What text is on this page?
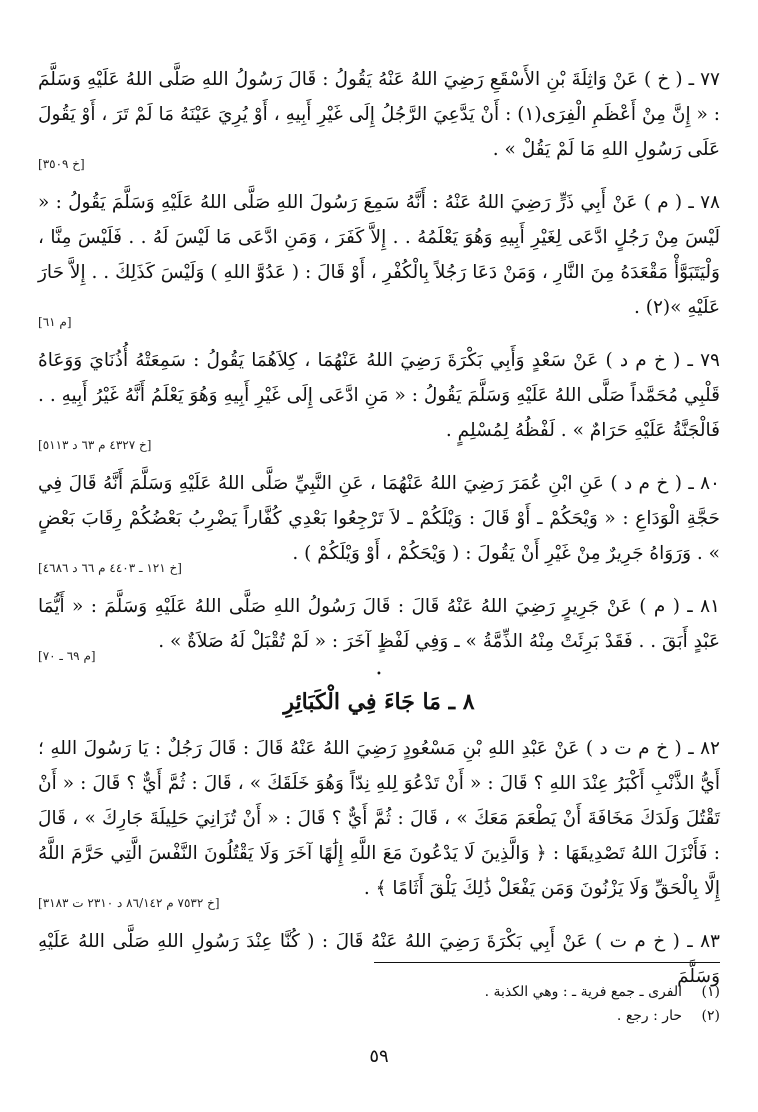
٧٧ ـ ( خ ) عَنْ وَاثِلَةَ بْنِ الأَسْقَعِ رَضِيَ اللهُ عَنْهُ يَقُولُ : قَالَ رَسُولُ اللهِ صَلَّى اللهُ عَلَيْهِ وَسَلَّمَ : « إِنَّ مِنْ أَعْظَمِ الْفِرَى(١) : أَنْ يَدَّعِيَ الرَّجُلُ إِلَى غَيْرِ أَبِيهِ ، أَوْ يُرِيَ عَيْنَهُ مَا لَمْ تَرَ ، أَوْ يَقُولَ عَلَى رَسُولِ اللهِ مَا لَمْ يَقُلْ » .
[خ ٣٥٠٩]
٧٨ ـ ( م ) عَنْ أَبِي ذَرٍّ رَضِيَ اللهُ عَنْهُ : أَنَّهُ سَمِعَ رَسُولَ اللهِ صَلَّى اللهُ عَلَيْهِ وَسَلَّمَ يَقُولُ : « لَيْسَ مِنْ رَجُلٍ ادَّعَى لِغَيْرِ أَبِيهِ وَهُوَ يَعْلَمُهُ . . إِلاَّ كَفَرَ ، وَمَنِ ادَّعَى مَا لَيْسَ لَهُ . . فَلَيْسَ مِنَّا ، وَلْيَتَبَوَّأْ مَقْعَدَهُ مِنَ النَّارِ ، وَمَنْ دَعَا رَجُلاً بِالْكُفْرِ ، أَوْ قَالَ : ( عَدُوَّ اللهِ ) وَلَيْسَ كَذَلِكَ . . إِلاَّ حَارَ عَلَيْهِ »(٢) .
[م ٦١]
٧٩ ـ ( خ م د ) عَنْ سَعْدٍ وَأَبِي بَكْرَةَ رَضِيَ اللهُ عَنْهُمَا ، كِلاَهُمَا يَقُولُ : سَمِعَتْهُ أُذُنَايَ وَوَعَاهُ قَلْبِي مُحَمَّداً صَلَّى اللهُ عَلَيْهِ وَسَلَّمَ يَقُولُ : « مَنِ ادَّعَى إِلَى غَيْرِ أَبِيهِ وَهُوَ يَعْلَمُ أَنَّهُ غَيْرُ أَبِيهِ . . فَالْجَنَّةُ عَلَيْهِ حَرَامٌ » . لَفْظُهُ لِمُسْلِمٍ .
[خ ٤٣٢٧ م ٦٣ د ٥١١٣]
٨٠ ـ ( خ م د ) عَنِ ابْنِ عُمَرَ رَضِيَ اللهُ عَنْهُمَا ، عَنِ النَّبِيِّ صَلَّى اللهُ عَلَيْهِ وَسَلَّمَ أَنَّهُ قَالَ فِي حَجَّةِ الْوَدَاعِ : « وَيْحَكُمْ ـ أَوْ قَالَ : وَيْلَكُمْ ـ لاَ تَرْجِعُوا بَعْدِي كُفَّاراً يَضْرِبُ بَعْضُكُمْ رِقَابَ بَعْضٍ » . وَرَوَاهُ جَرِيرٌ مِنْ غَيْرِ أَنْ يَقُولَ : ( وَيْحَكُمْ ، أَوْ وَيْلَكُمْ ) .
[خ ١٢١ ـ ٤٤٠٣ م ٦٦ د ٤٦٨٦]
٨١ ـ ( م ) عَنْ جَرِيرٍ رَضِيَ اللهُ عَنْهُ قَالَ : قَالَ رَسُولُ اللهِ صَلَّى اللهُ عَلَيْهِ وَسَلَّمَ : « أَيُّمَا عَبْدٍ أَبَقَ . . فَقَدْ بَرِئَتْ مِنْهُ الذِّمَّةُ » ـ وَفِي لَفْظٍ آخَرَ : « لَمْ تُقْبَلْ لَهُ صَلاَةٌ » .
[م ٦٩ ـ ٧٠]
•
٨ ـ مَا جَاءَ فِي الْكَبَائِرِ
٨٢ ـ ( خ م ت د ) عَنْ عَبْدِ اللهِ بْنِ مَسْعُودٍ رَضِيَ اللهُ عَنْهُ قَالَ : قَالَ رَجُلٌ : يَا رَسُولَ اللهِ ؛ أَيُّ الذَّنْبِ أَكْبَرُ عِنْدَ اللهِ ؟ قَالَ : « أَنْ تَدْعُوَ لِلهِ نِدّاً وَهُوَ خَلَقَكَ » ، قَالَ : ثُمَّ أَيٌّ ؟ قَالَ : « أَنْ تَقْتُلَ وَلَدَكَ مَخَافَةَ أَنْ يَطْعَمَ مَعَكَ » ، قَالَ : ثُمَّ أَيٌّ ؟ قَالَ : « أَنْ تُزَانِيَ حَلِيلَةَ جَارِكَ » ، قَالَ : فَأَنْزَلَ اللهُ تَصْدِيقَهَا : ﴿ وَالَّذِينَ لَا يَدْعُونَ مَعَ اللَّهِ إِلَٰهًا آخَرَ وَلَا يَقْتُلُونَ النَّفْسَ الَّتِي حَرَّمَ اللَّهُ إِلَّا بِالْحَقِّ وَلَا يَزْنُونَ وَمَن يَفْعَلْ ذَٰلِكَ يَلْقَ أَثَامًا ﴾ .
[خ ٧٥٣٢ م ٨٦/١٤٢ د ٢٣١٠ ت ٣١٨٣]
٨٣ ـ ( خ م ت ) عَنْ أَبِي بَكْرَةَ رَضِيَ اللهُ عَنْهُ قَالَ : ( كُنَّا عِنْدَ رَسُولِ اللهِ صَلَّى اللهُ عَلَيْهِ وَسَلَّمَ
(١)
الفرى ـ جمع فرية ـ : وهي الكذبة .
(٢)
حار : رجع .
٥٩
